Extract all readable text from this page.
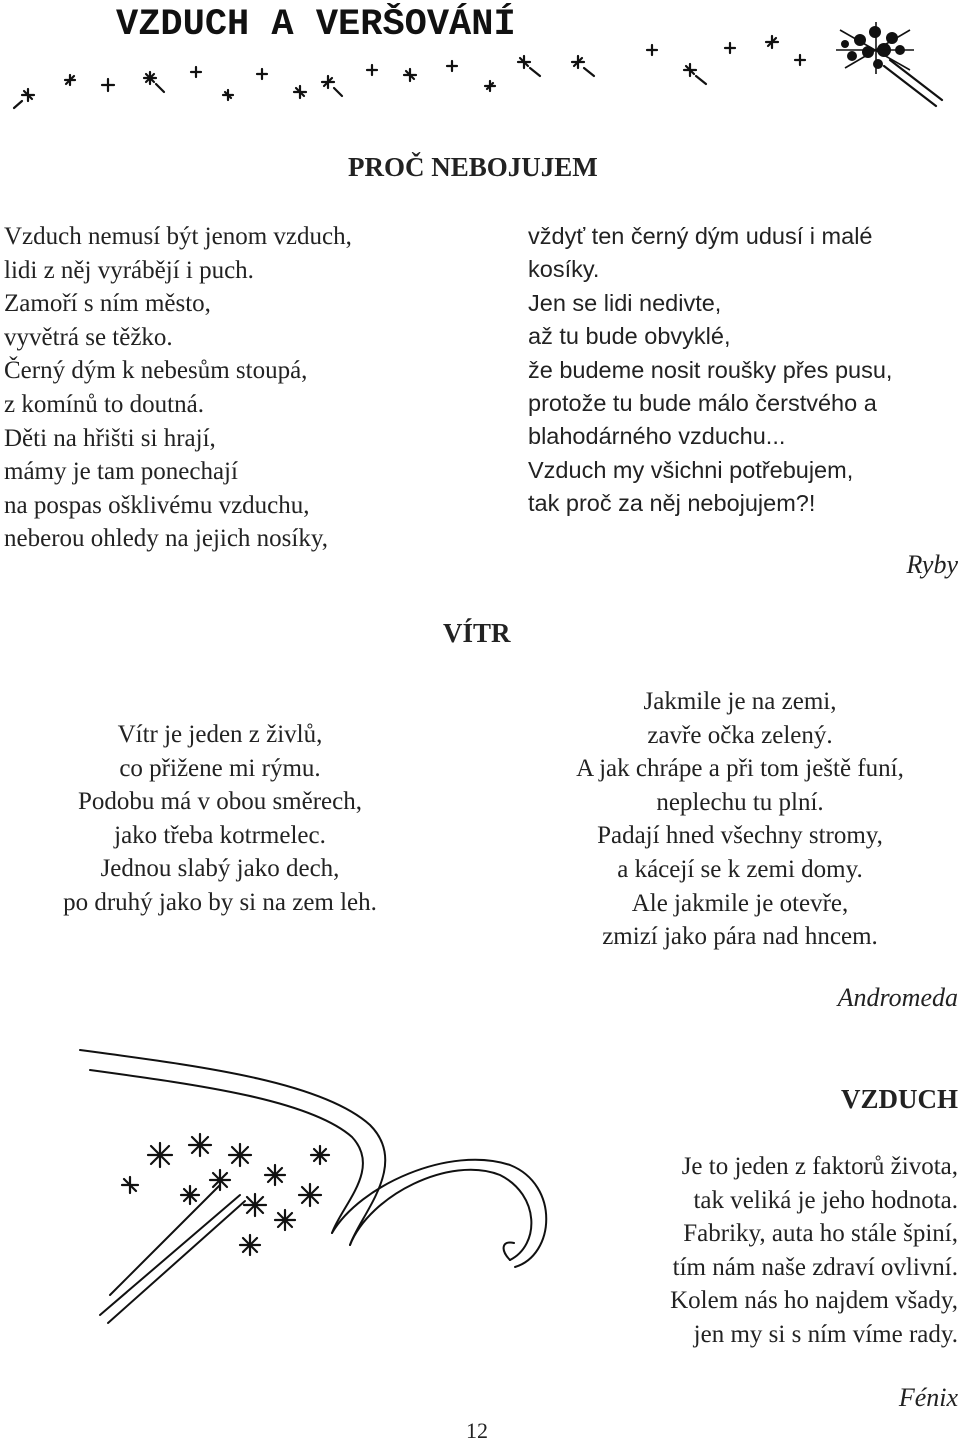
VZDUCH A VERŠOVÁNÍ
PROČ NEBOJUJEM
Vzduch nemusí být jenom vzduch,
lidi z něj vyrábějí i puch.
Zamoří s ním město,
vyvětrá se těžko.
Černý dým k nebesům stoupá,
z komínů to doutná.
Děti na hřišti si hrají,
mámy je tam ponechají
na pospas ošklivému vzduchu,
neberou ohledy na jejich nosíky,
vždyť ten černý dým udusí i malé
kosíky.
Jen se lidi nedivte,
až tu bude obvyklé,
že budeme nosit roušky přes pusu,
protože tu bude málo čerstvého a
blahodárného vzduchu...
Vzduch my všichni potřebujem,
tak proč za něj nebojujem?!
Ryby
VÍTR
Vítr je jeden z živlů,
co přižene mi rýmu.
Podobu má v obou směrech,
jako třeba kotrmelec.
Jednou slabý jako dech,
po druhý jako by si na zem leh.
Jakmile je na zemi,
zavře očka zelený.
A jak chrápe a při tom ještě funí,
neplechu tu plní.
Padají hned všechny stromy,
a kácejí se k zemi domy.
Ale jakmile je otevře,
zmizí jako pára nad hncem.
Andromeda
VZDUCH
Je to jeden z faktorů života,
tak veliká je jeho hodnota.
Fabriky, auta ho stále špiní,
tím nám naše zdraví ovlivní.
Kolem nás ho najdem všady,
jen my si s ním víme rady.
Fénix
12
